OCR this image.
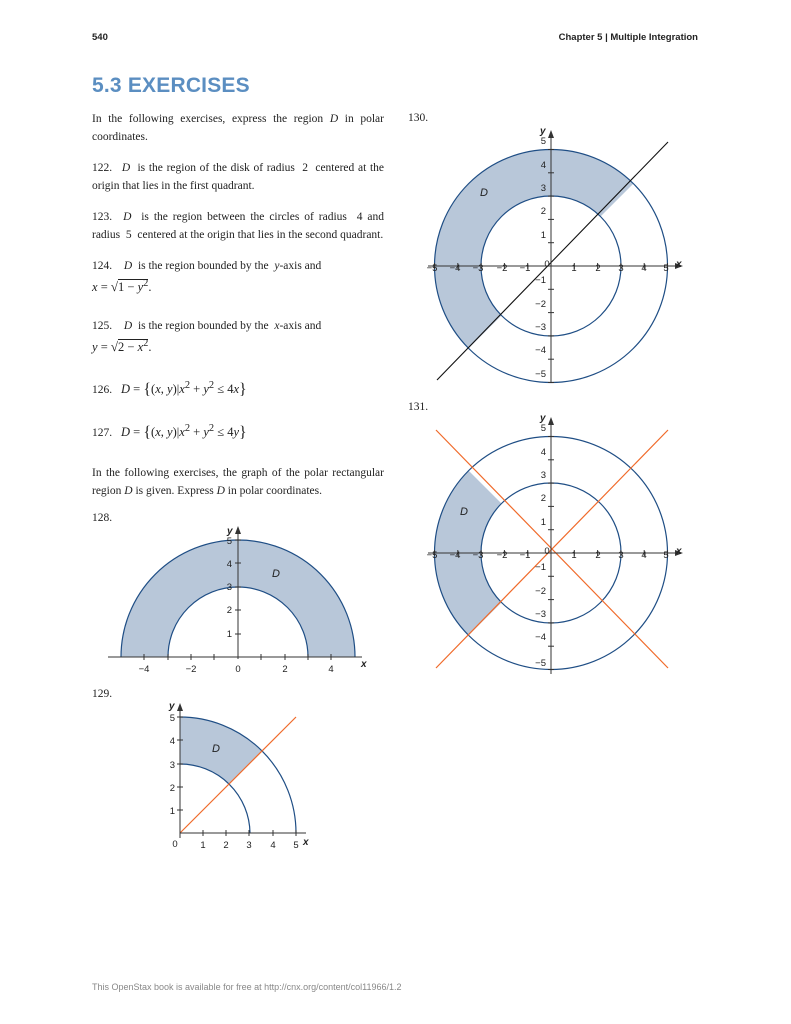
540	Chapter 5 | Multiple Integration
5.3 EXERCISES

In the following exercises, express the region D in polar coordinates.

122. D  is the region of the disk of radius  2  centered at the origin that lies in the first quadrant.

123. D  is the region between the circles of radius  4 and radius  5  centered at the origin that lies in the second quadrant.

124. D  is the region bounded by the  y-axis and
$x = √1 - y^2$.

125. D  is the region bounded by the  x-axis and
$y = √2 - x^2$.

126. D = {(x, $y)|x^2 + y^2 \le 4x$}

127. D = {(x, $y)|x^2 + y^2 \le 4y$}

In the following exercises, the graph of the polar rectangular region D is given. Express D in polar coordinates.

128.
129.
130.
131.
−4	−2	0	2	4
1
2
3
4
5
x
y
D
0 1 2 3 4 5
1
2
3
4
5
x
y
D
−5 −4 −3 −2 −1 0 1 2 3 4 5
5
4
3
2
1
−1
−2
−3
−4
−5
x
y
D
−5 −4 −3 −2 −1 0 1 2 3 4 5
5
4
3
2
1
−1
−2
−3
−4
−5
x
y
D
This OpenStax book is available for free at http://cnx.org/content/col11966/1.2
